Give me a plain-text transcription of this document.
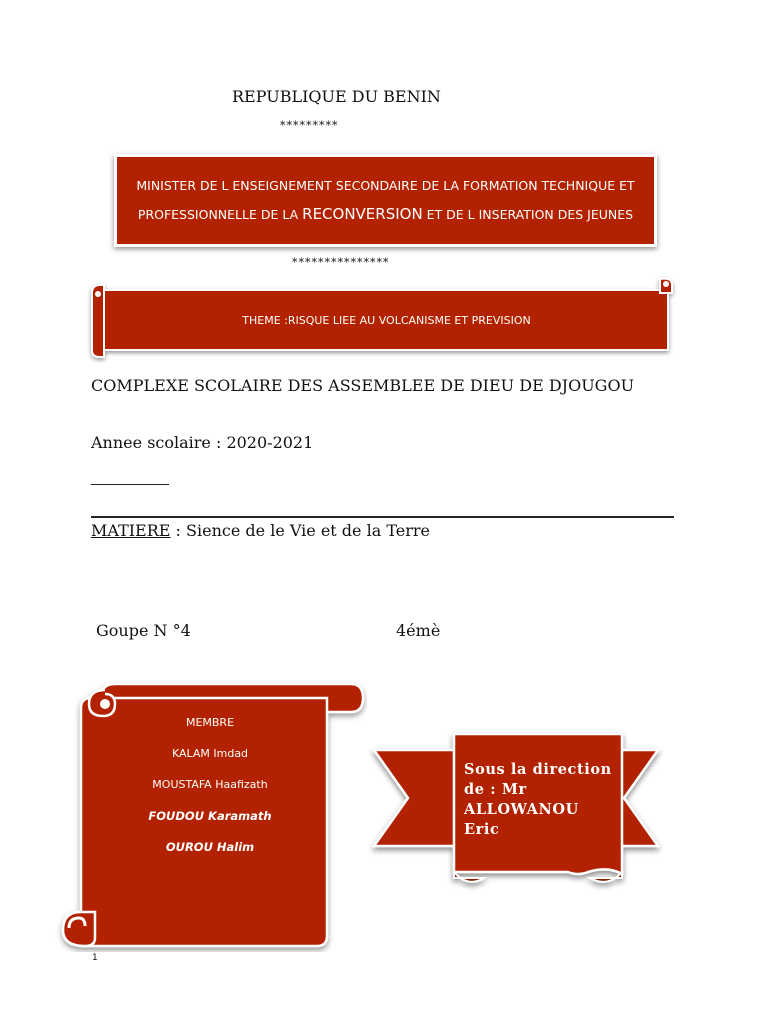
REPUBLIQUE DU BENIN
*********
MINISTER DE L ENSEIGNEMENT SECONDAIRE DE LA FORMATION TECHNIQUE ET PROFESSIONNELLE DE LA RECONVERSION ET DE L INSERATION DES JEUNES
***************
THEME :RISQUE LIEE AU VOLCANISME ET PREVISION
COMPLEXE SCOLAIRE DES ASSEMBLEE DE DIEU DE DJOUGOU
Annee scolaire : 2020-2021
MATIERE : Sience de le Vie et de la Terre
Goupe N °4	4émè
MEMBRE
KALAM Imdad
MOUSTAFA Haafizath
FOUDOU Karamath
OUROU Halim
Sous la direction
de : Mr
ALLOWANOU
Eric
1
